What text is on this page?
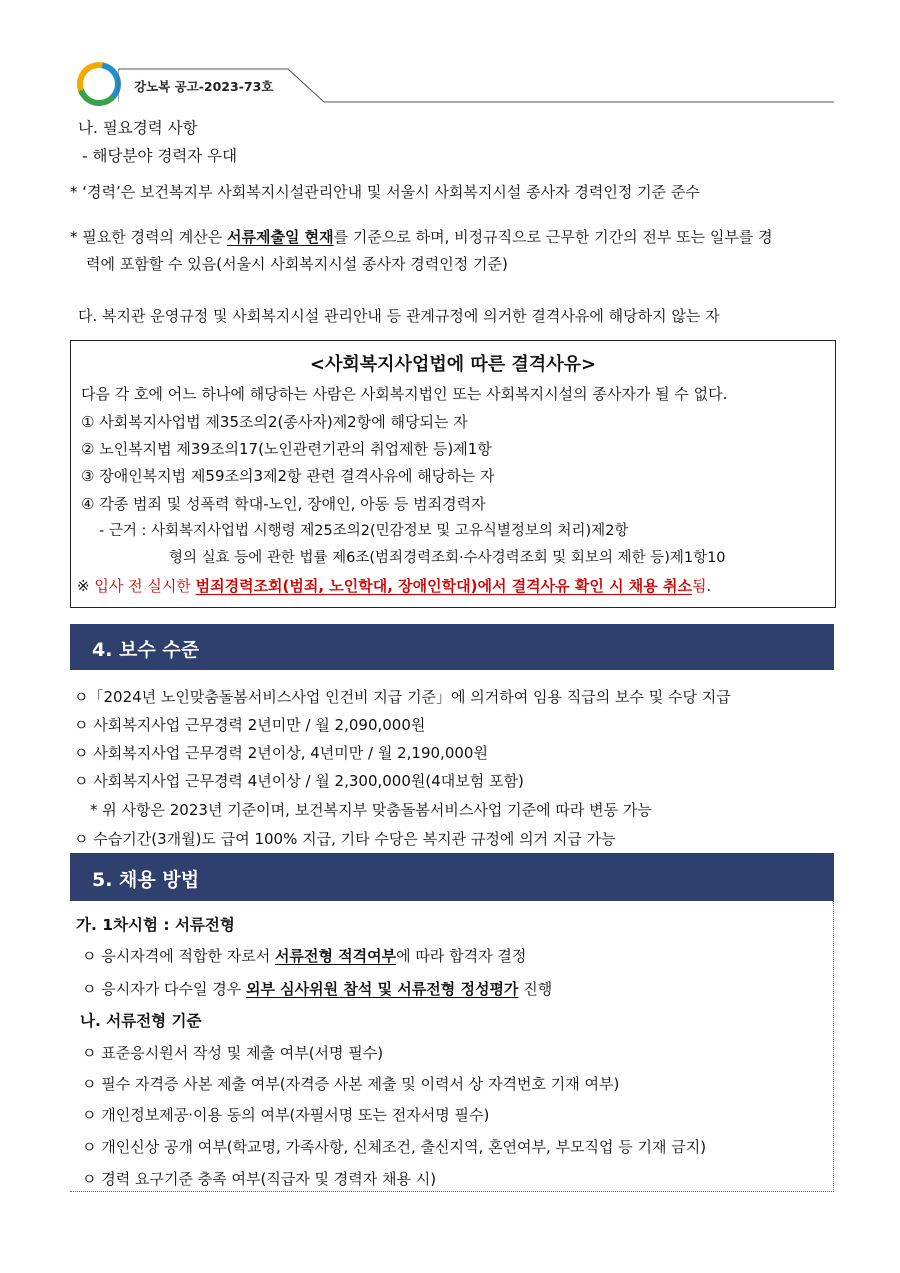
강노복 공고-2023-73호
나. 필요경력 사항
- 해당분야 경력자 우대
* ‘경력’은 보건복지부 사회복지시설관리안내 및 서울시 사회복지시설 종사자 경력인정 기준 준수
* 필요한 경력의 계산은 서류제출일 현재를 기준으로 하며, 비정규직으로 근무한 기간의 전부 또는 일부를 경
력에 포함할 수 있음(서울시 사회복지시설 종사자 경력인정 기준)
다. 복지관 운영규정 및 사회복지시설 관리안내 등 관계규정에 의거한 결격사유에 해당하지 않는 자
<사회복지사업법에 따른 결격사유>
다음 각 호에 어느 하나에 해당하는 사람은 사회복지법인 또는 사회복지시설의 종사자가 될 수 없다.
① 사회복지사업법 제35조의2(종사자)제2항에 해당되는 자
② 노인복지법 제39조의17(노인관련기관의 취업제한 등)제1항
③ 장애인복지법 제59조의3제2항 관련 결격사유에 해당하는 자
④ 각종 범죄 및 성폭력 학대-노인, 장애인, 아동 등 범죄경력자
- 근거 : 사회복지사업법 시행령 제25조의2(민감정보 및 고유식별정보의 처리)제2항
형의 실효 등에 관한 법률 제6조(범죄경력조회·수사경력조회 및 회보의 제한 등)제1항10
※ 입사 전 실시한 범죄경력조회(범죄, 노인학대, 장애인학대)에서 결격사유 확인 시 채용 취소됨.
4. 보수 수준
ㅇ「2024년 노인맞춤돌봄서비스사업 인건비 지급 기준」에 의거하여 임용 직급의 보수 및 수당 지급
ㅇ 사회복지사업 근무경력 2년미만 / 월 2,090,000원
ㅇ 사회복지사업 근무경력 2년이상, 4년미만 / 월 2,190,000원
ㅇ 사회복지사업 근무경력 4년이상 / 월 2,300,000원(4대보험 포함)
* 위 사항은 2023년 기준이며, 보건복지부 맞춤돌봄서비스사업 기준에 따라 변동 가능
ㅇ 수습기간(3개월)도 급여 100% 지급, 기타 수당은 복지관 규정에 의거 지급 가능
5. 채용 방법
가. 1차시험 : 서류전형
ㅇ 응시자격에 적합한 자로서 서류전형 적격여부에 따라 합격자 결정
ㅇ 응시자가 다수일 경우 외부 심사위원 참석 및 서류전형 정성평가 진행
나. 서류전형 기준
ㅇ 표준응시원서 작성 및 제출 여부(서명 필수)
ㅇ 필수 자격증 사본 제출 여부(자격증 사본 제출 및 이력서 상 자격번호 기재 여부)
ㅇ 개인정보제공·이용 동의 여부(자필서명 또는 전자서명 필수)
ㅇ 개인신상 공개 여부(학교명, 가족사항, 신체조건, 출신지역, 혼연여부, 부모직업 등 기재 금지)
ㅇ 경력 요구기준 충족 여부(직급자 및 경력자 채용 시)
